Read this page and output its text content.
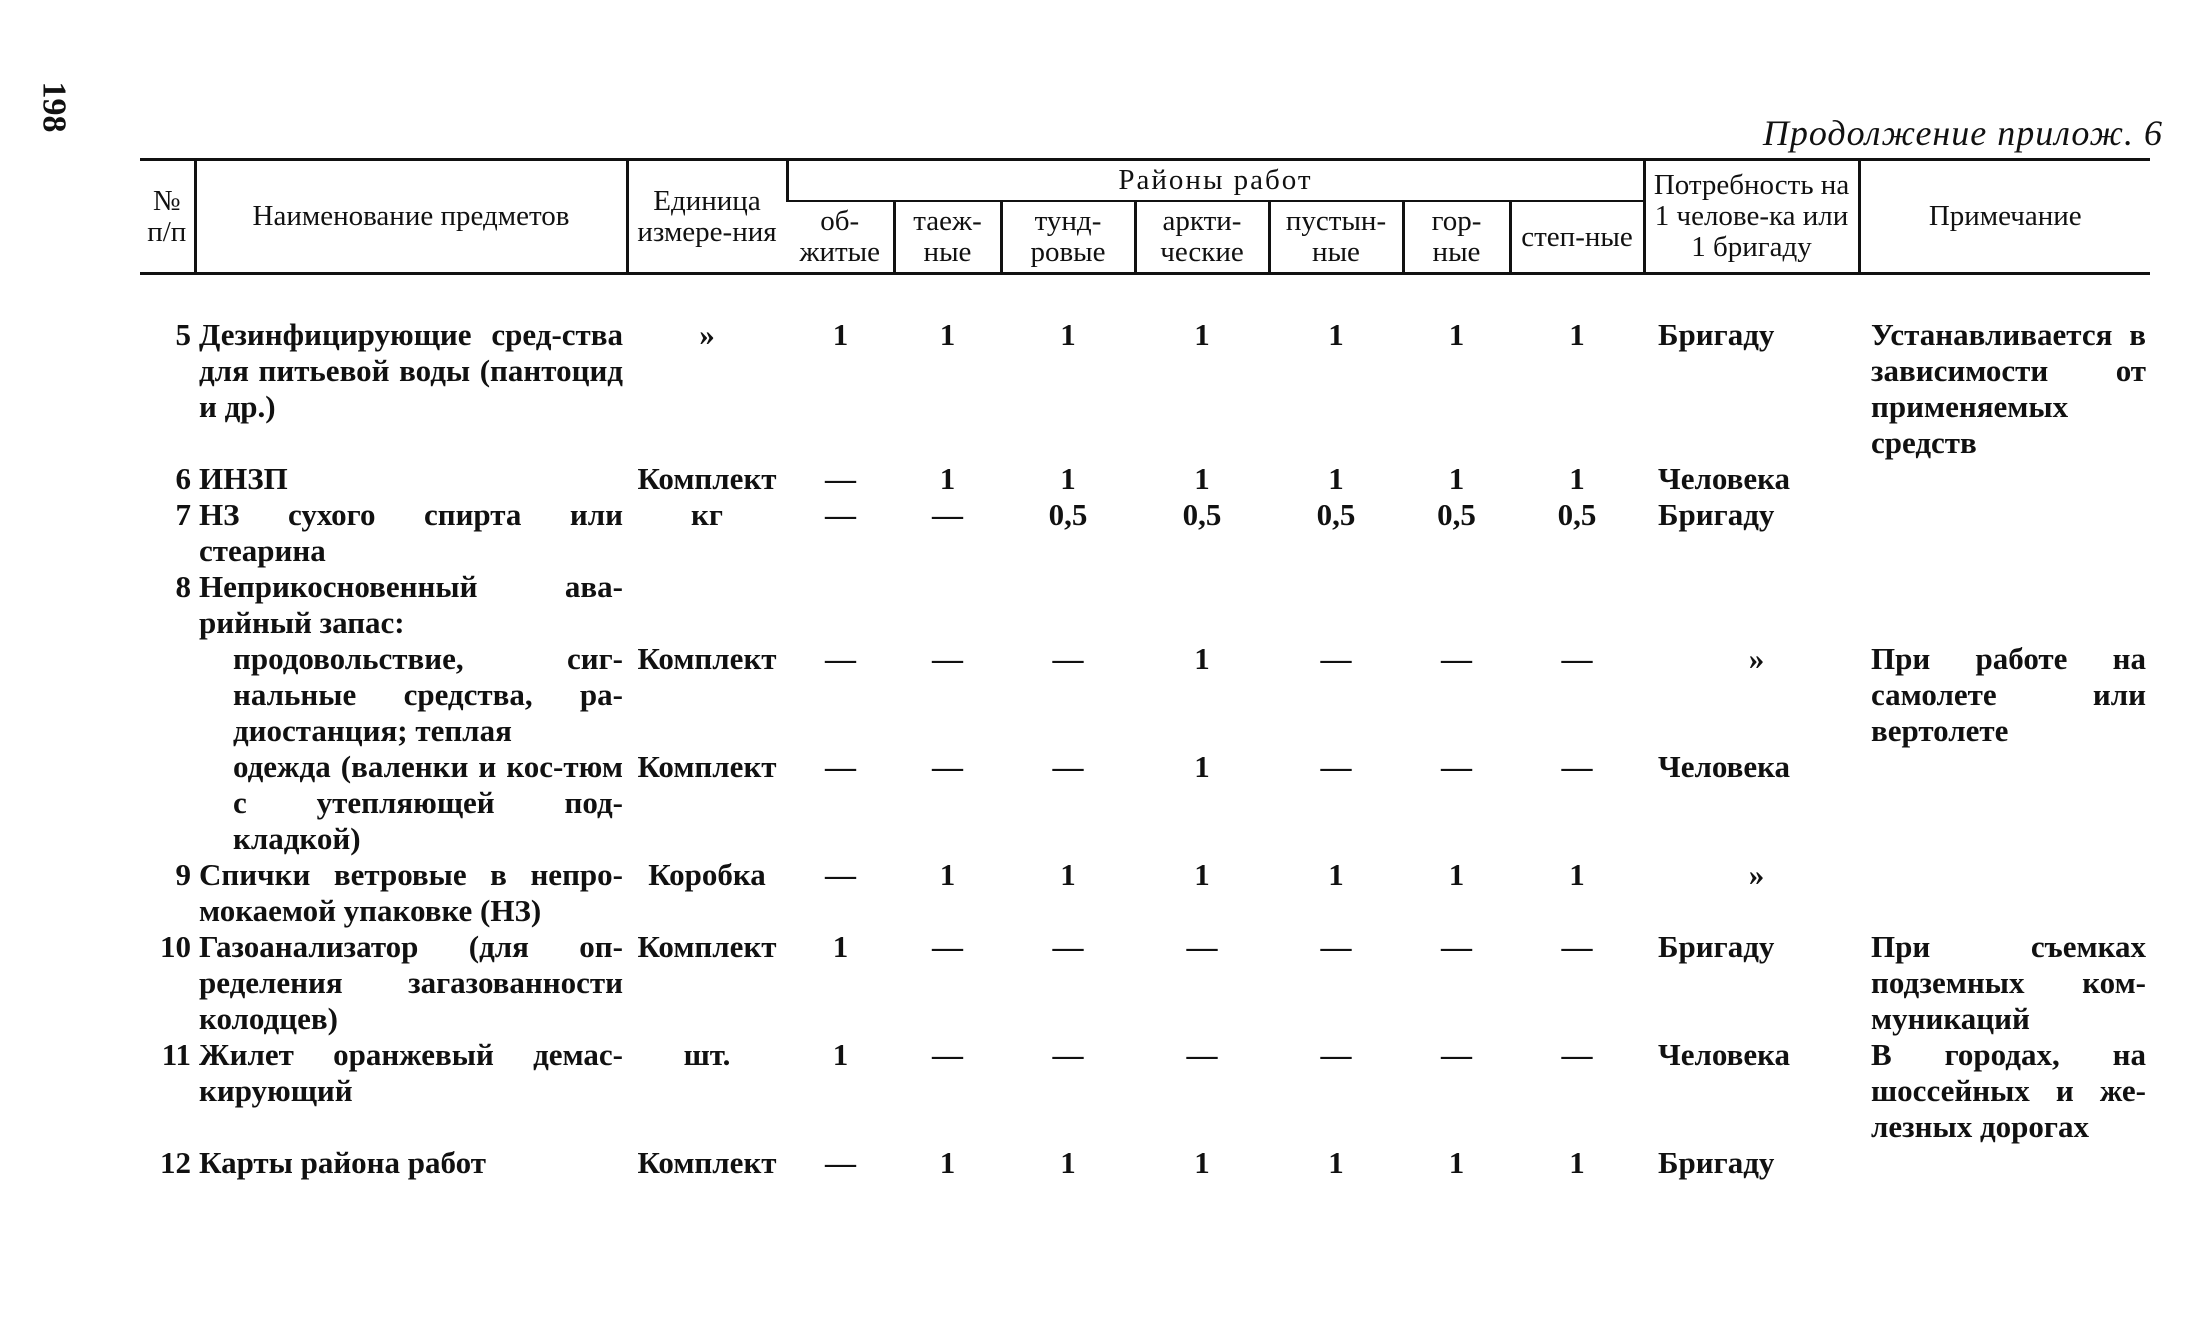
198
Продолжение прилож. 6
№ п/п	Наименование предметов	Единица измере-ния	Районы работ							Потребность на 1 челове-ка или 1 бригаду	Примечание
			об-житые	таеж-ные	тунд-ровые	аркти-ческие	пустын-ные	гор-ные	степ-ные		
5	Дезинфицирующие сред-ства для питьевой воды (пантоцид и др.)	»	1	1	1	1	1	1	1	Бригаду	Устанавливается в зависимости от применяемых средств
6	ИНЗП	Комплект	—	1	1	1	1	1	1	Человека	
7	НЗ сухого спирта или стеарина	кг	—	—	0,5	0,5	0,5	0,5	0,5	Бригаду	
8	Неприкосновенный ава-рийный запас:										
	продовольствие, сиг-нальные средства, ра-диостанция; теплая	Комплект	—	—	—	1	—	—	—	»	При работе на самолете или вертолете
	одежда (валенки и кос-тюм с утепляющей под-кладкой)	Комплект	—	—	—	1	—	—	—	Человека	
9	Спички ветровые в непро-мокаемой упаковке (НЗ)	Коробка	—	1	1	1	1	1	1	»	
10	Газоанализатор (для оп-ределения загазованности колодцев)	Комплект	1	—	—	—	—	—	—	Бригаду	При съемках подземных ком-муникаций
11	Жилет оранжевый демас-кирующий	шт.	1	—	—	—	—	—	—	Человека	В городах, на шоссейных и же-лезных дорогах
12	Карты района работ	Комплект	—	1	1	1	1	1	1	Бригаду	
